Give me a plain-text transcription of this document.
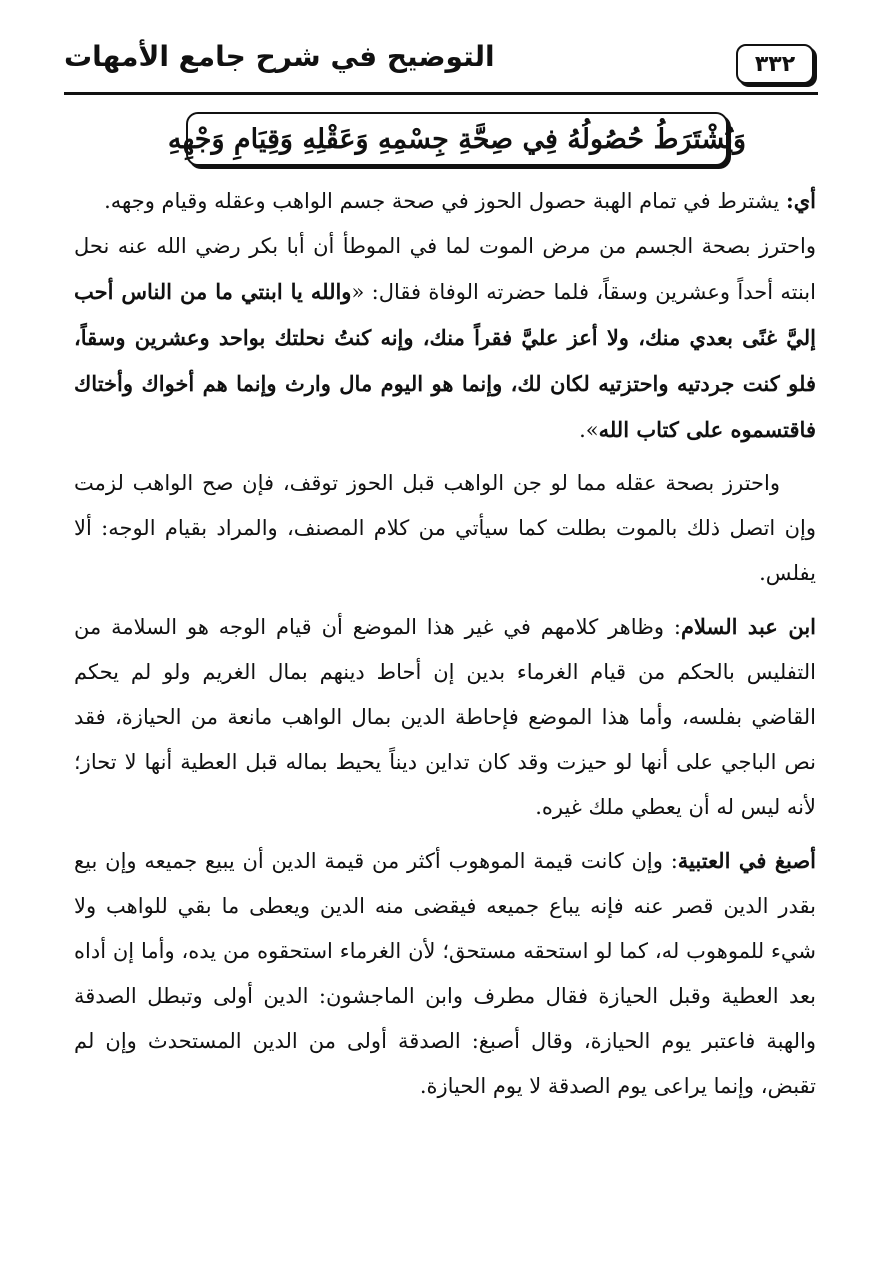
٣٣٢
التوضيح في شرح جامع الأمهات
وَيُشْتَرَطُ حُصُولُهُ فِي صِحَّةِ جِسْمِهِ وَعَقْلِهِ وَقِيَامِ وَجْهِهِ

أي: يشترط في تمام الهبة حصول الحوز في صحة جسم الواهب وعقله وقيام وجهه.

واحترز بصحة الجسم من مرض الموت لما في الموطأ أن أبا بكر رضي الله عنه نحل ابنته أحداً وعشرين وسقاً، فلما حضرته الوفاة فقال: «والله يا ابنتي ما من الناس أحب إليَّ غنًى بعدي منك، ولا أعز عليَّ فقراً منك، وإنه كنتُ نحلتك بواحد وعشرين وسقاً، فلو كنت جردتيه واحتزتيه لكان لك، وإنما هو اليوم مال وارث وإنما هم أخواك وأختاك فاقتسموه على كتاب الله».

واحترز بصحة عقله مما لو جن الواهب قبل الحوز توقف، فإن صح الواهب لزمت وإن اتصل ذلك بالموت بطلت كما سيأتي من كلام المصنف، والمراد بقيام الوجه: ألا يفلس.

ابن عبد السلام: وظاهر كلامهم في غير هذا الموضع أن قيام الوجه هو السلامة من التفليس بالحكم من قيام الغرماء بدين إن أحاط دينهم بمال الغريم ولو لم يحكم القاضي بفلسه، وأما هذا الموضع فإحاطة الدين بمال الواهب مانعة من الحيازة، فقد نص الباجي على أنها لو حيزت وقد كان تداين ديناً يحيط بماله قبل العطية أنها لا تحاز؛ لأنه ليس له أن يعطي ملك غيره.

أصبغ في العتبية: وإن كانت قيمة الموهوب أكثر من قيمة الدين أن يبيع جميعه وإن بيع بقدر الدين قصر عنه فإنه يباع جميعه فيقضى منه الدين ويعطى ما بقي للواهب ولا شيء للموهوب له، كما لو استحقه مستحق؛ لأن الغرماء استحقوه من يده، وأما إن أداه بعد العطية وقبل الحيازة فقال مطرف وابن الماجشون: الدين أولى وتبطل الصدقة والهبة فاعتبر يوم الحيازة، وقال أصبغ: الصدقة أولى من الدين المستحدث وإن لم تقبض، وإنما يراعى يوم الصدقة لا يوم الحيازة.
